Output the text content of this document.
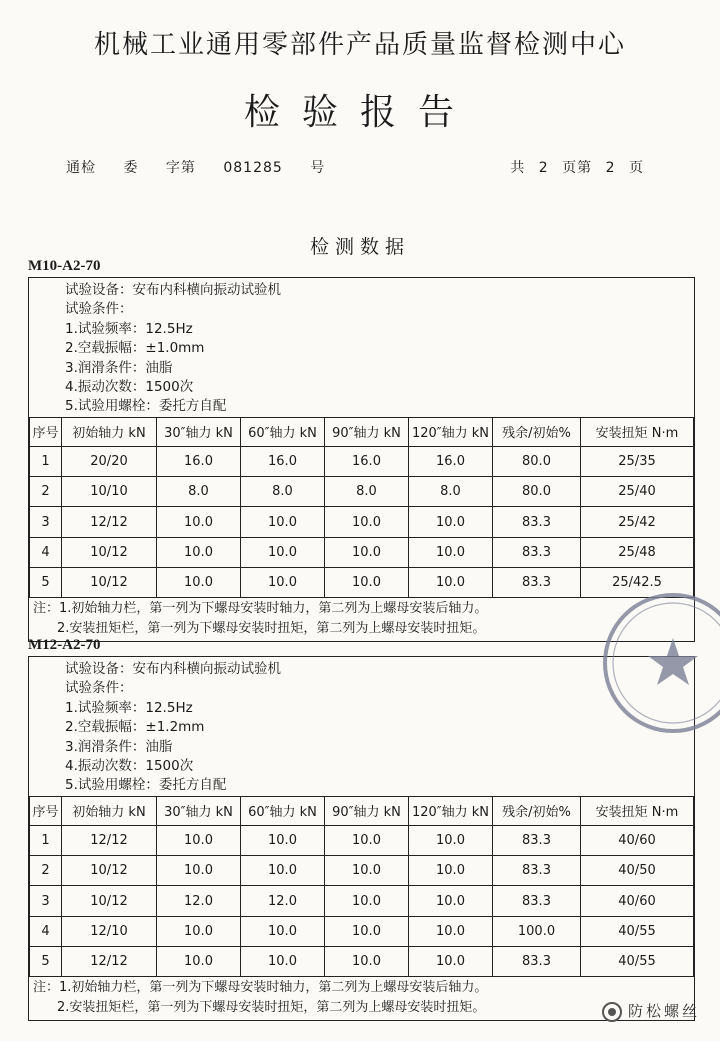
机械工业通用零部件产品质量监督检测中心
检验报告
通检 委 字第 081285 号	共 2 页第 2 页
检测数据
M10-A2-70
试验设备：安布内科横向振动试验机
试验条件：
1.试验频率：12.5Hz
2.空载振幅：±1.0mm
3.润滑条件：油脂
4.振动次数：1500次
5.试验用螺栓：委托方自配
序号	初始轴力 kN	30″轴力 kN	60″轴力 kN	90″轴力 kN	120″轴力 kN	残余/初始%	安装扭矩 N·m
1	20/20	16.0	16.0	16.0	16.0	80.0	25/35
2	10/10	8.0	8.0	8.0	8.0	80.0	25/40
3	12/12	10.0	10.0	10.0	10.0	83.3	25/42
4	10/12	10.0	10.0	10.0	10.0	83.3	25/48
5	10/12	10.0	10.0	10.0	10.0	83.3	25/42.5
注：1.初始轴力栏，第一列为下螺母安装时轴力，第二列为上螺母安装后轴力。
2.安装扭矩栏，第一列为下螺母安装时扭矩，第二列为上螺母安装时扭矩。
M12-A2-70
试验设备：安布内科横向振动试验机
试验条件：
1.试验频率：12.5Hz
2.空载振幅：±1.2mm
3.润滑条件：油脂
4.振动次数：1500次
5.试验用螺栓：委托方自配
序号	初始轴力 kN	30″轴力 kN	60″轴力 kN	90″轴力 kN	120″轴力 kN	残余/初始%	安装扭矩 N·m
1	12/12	10.0	10.0	10.0	10.0	83.3	40/60
2	10/12	10.0	10.0	10.0	10.0	83.3	40/50
3	10/12	12.0	12.0	10.0	10.0	83.3	40/60
4	12/10	10.0	10.0	10.0	10.0	100.0	40/55
5	12/12	10.0	10.0	10.0	10.0	83.3	40/55
注：1.初始轴力栏，第一列为下螺母安装时轴力，第二列为上螺母安装后轴力。
2.安装扭矩栏，第一列为下螺母安装时扭矩，第二列为上螺母安装时扭矩。	防松螺丝
